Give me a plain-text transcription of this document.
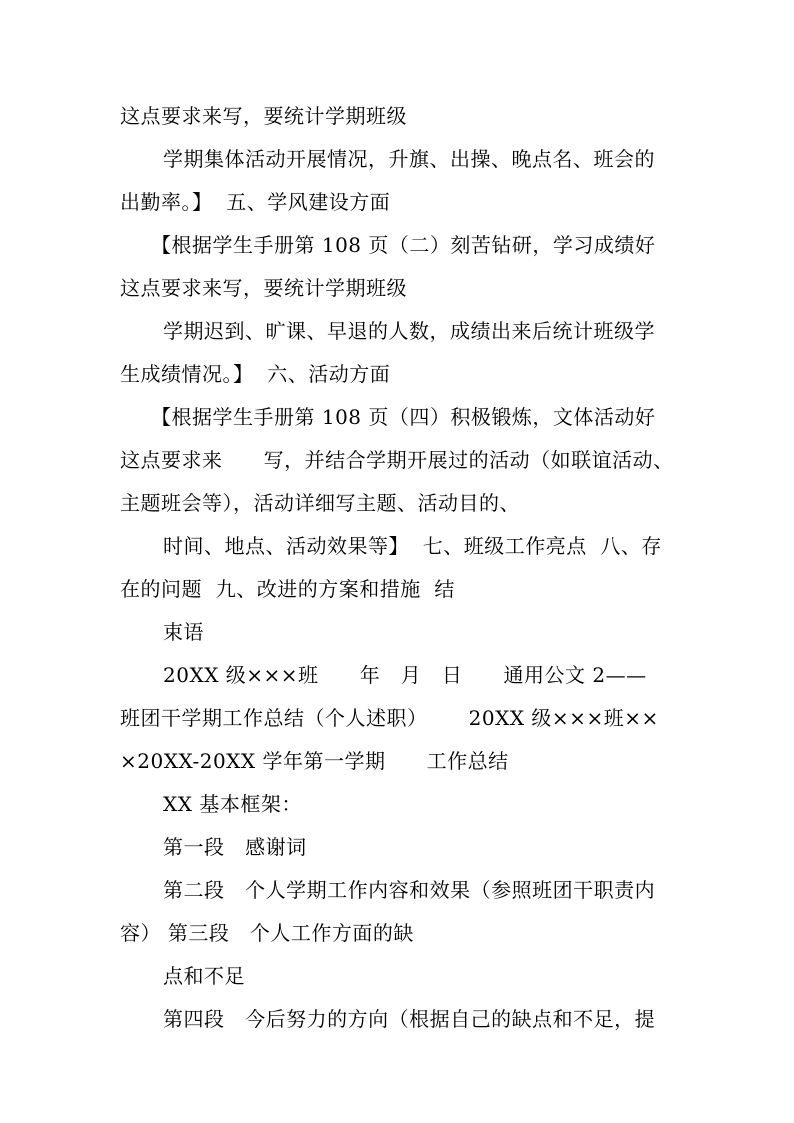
这点要求来写，要统计学期班级
学期集体活动开展情况，升旗、出操、晚点名、班会的
出勤率。】  五、学风建设方面
【根据学生手册第 108 页（二）刻苦钻研，学习成绩好
这点要求来写，要统计学期班级
学期迟到、旷课、早退的人数，成绩出来后统计班级学
生成绩情况。】  六、活动方面
【根据学生手册第 108 页（四）积极锻炼，文体活动好
这点要求来      写，并结合学期开展过的活动（如联谊活动、
主题班会等），活动详细写主题、活动目的、
时间、地点、活动效果等】  七、班级工作亮点  八、存
在的问题  九、改进的方案和措施  结
束语
20XX 级×××班      年   月   日      通用公文 2——
班团干学期工作总结（个人述职）      20XX 级×××班××
×20XX-20XX 学年第一学期      工作总结
XX 基本框架：
第一段   感谢词
第二段   个人学期工作内容和效果（参照班团干职责内
容） 第三段   个人工作方面的缺
点和不足
第四段   今后努力的方向（根据自己的缺点和不足，提
